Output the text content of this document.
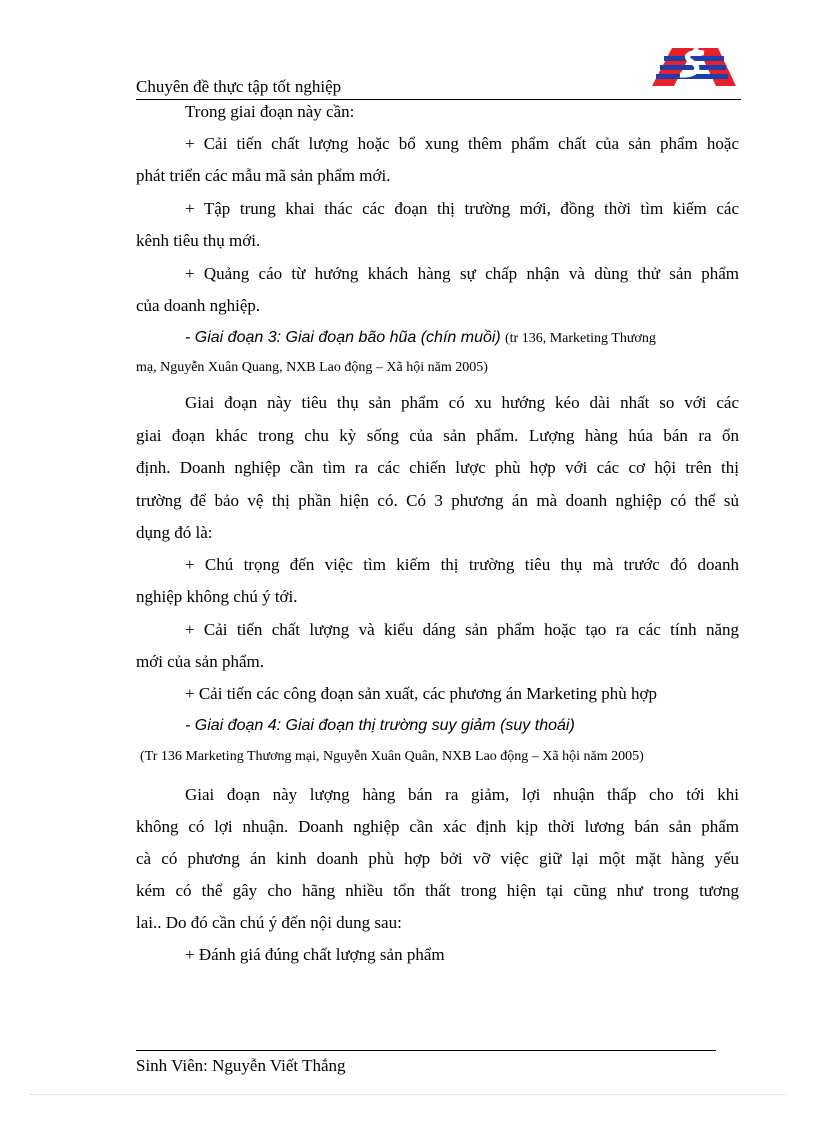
Chuyên đề thực tập tốt nghiệp
Trong giai đoạn này cần:
+ Cải tiến chất lượng hoặc bổ xung thêm phẩm chất của sản phẩm hoặc
phát triển các mẫu mã sản phẩm mới.
+ Tập trung khai thác các đoạn thị trường mới, đồng thời tìm kiếm các
kênh tiêu thụ mới.
+ Quảng cáo từ hướng khách hàng sự chấp nhận và dùng thử sản phẩm
của doanh nghiệp.
- Giai đoạn 3: Giai đoạn bão hũa (chín muồi) (tr 136, Marketing Thương
mạ, Nguyễn Xuân Quang, NXB Lao động – Xã hội năm 2005)
Giai đoạn này tiêu thụ sản phẩm có xu hướng kéo dài nhất so với các
giai đoạn khác trong chu kỳ sống của sản phẩm. Lượng hàng húa bán ra ổn
định. Doanh nghiệp cần tìm ra các chiến lược phù hợp với các cơ hội trên thị
trường để bảo vệ thị phần hiện có. Có 3 phương án mà doanh nghiệp có thể sủ
dụng đó là:
+ Chú trọng đến việc tìm kiếm thị trường tiêu thụ mà trước đó doanh
nghiệp không chú ý tới.
+ Cải tiến chất lượng và kiểu dáng sản phẩm hoặc tạo ra các tính năng
mới của sản phẩm.
+ Cải tiến các công đoạn sản xuất, các phương án Marketing phù hợp
- Giai đoạn 4: Giai đoạn thị trường suy giảm (suy thoái)
(Tr 136 Marketing Thương mại, Nguyễn Xuân Quân, NXB Lao động – Xã hội năm 2005)
Giai đoạn này lượng hàng bán ra giảm, lợi nhuận thấp cho tới khi
không có lợi nhuận. Doanh nghiệp cần xác định kịp thời lương bán sản phẩm
cà có phương án kinh doanh phù hợp bởi vỡ việc giữ lại một mặt hàng yếu
kém có thể gây cho hãng nhiều tổn thất trong hiện tại cũng như trong tương
lai.. Do đó cần chú ý đến nội dung sau:
+ Đánh giá đúng chất lượng sản phẩm
Sinh Viên: Nguyễn Viết Thắng
